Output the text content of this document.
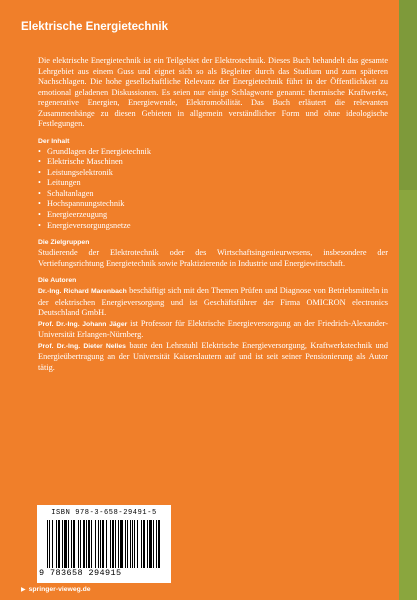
Elektrische Energietechnik

Die elektrische Energietechnik ist ein Teilgebiet der Elektrotechnik. Dieses Buch behandelt das gesamte Lehrgebiet aus einem Guss und eignet sich so als Begleiter durch das Studium und zum späteren Nachschlagen. Die hohe gesellschaftliche Relevanz der Energietechnik führt in der Öffentlichkeit zu emotional geladenen Diskussionen. Es seien nur einige Schlagworte genannt: thermische Kraftwerke, regenerative Energien, Energiewende, Elektromobilität. Das Buch erläutert die relevanten Zusammenhänge zu diesen Gebieten in allgemein verständlicher Form und ohne ideologische Festlegungen.

Der Inhalt
• Grundlagen der Energietechnik
• Elektrische Maschinen
• Leistungselektronik
• Leitungen
• Schaltanlagen
• Hochspannungstechnik
• Energieerzeugung
• Energieversorgungsnetze
Die Zielgruppen

Studierende der Elektrotechnik oder des Wirtschaftsingenieurwesens, insbesondere der Vertiefungsrichtung Energietechnik sowie Praktizierende in Industrie und Energiewirtschaft.

Die Autoren

Dr.-Ing. Richard Marenbach beschäftigt sich mit den Themen Prüfen und Diagnose von Betriebsmitteln in der elektrischen Energieversorgung und ist Geschäftsführer der Firma OMICRON electronics Deutschland GmbH.

Prof. Dr.-Ing. Johann Jäger ist Professor für Elektrische Energieversorgung an der Friedrich-Alexander-Universität Erlangen-Nürnberg.

Prof. Dr.-Ing. Dieter Nelles baute den Lehrstuhl Elektrische Energieversorgung, Kraftwerkstechnik und Energieübertragung an der Universität Kaiserslautern auf und ist seit seiner Pensionierung als Autor tätig.

ISBN 978-3-658-29491-5
9 783658 294915
▶ springer-vieweg.de
